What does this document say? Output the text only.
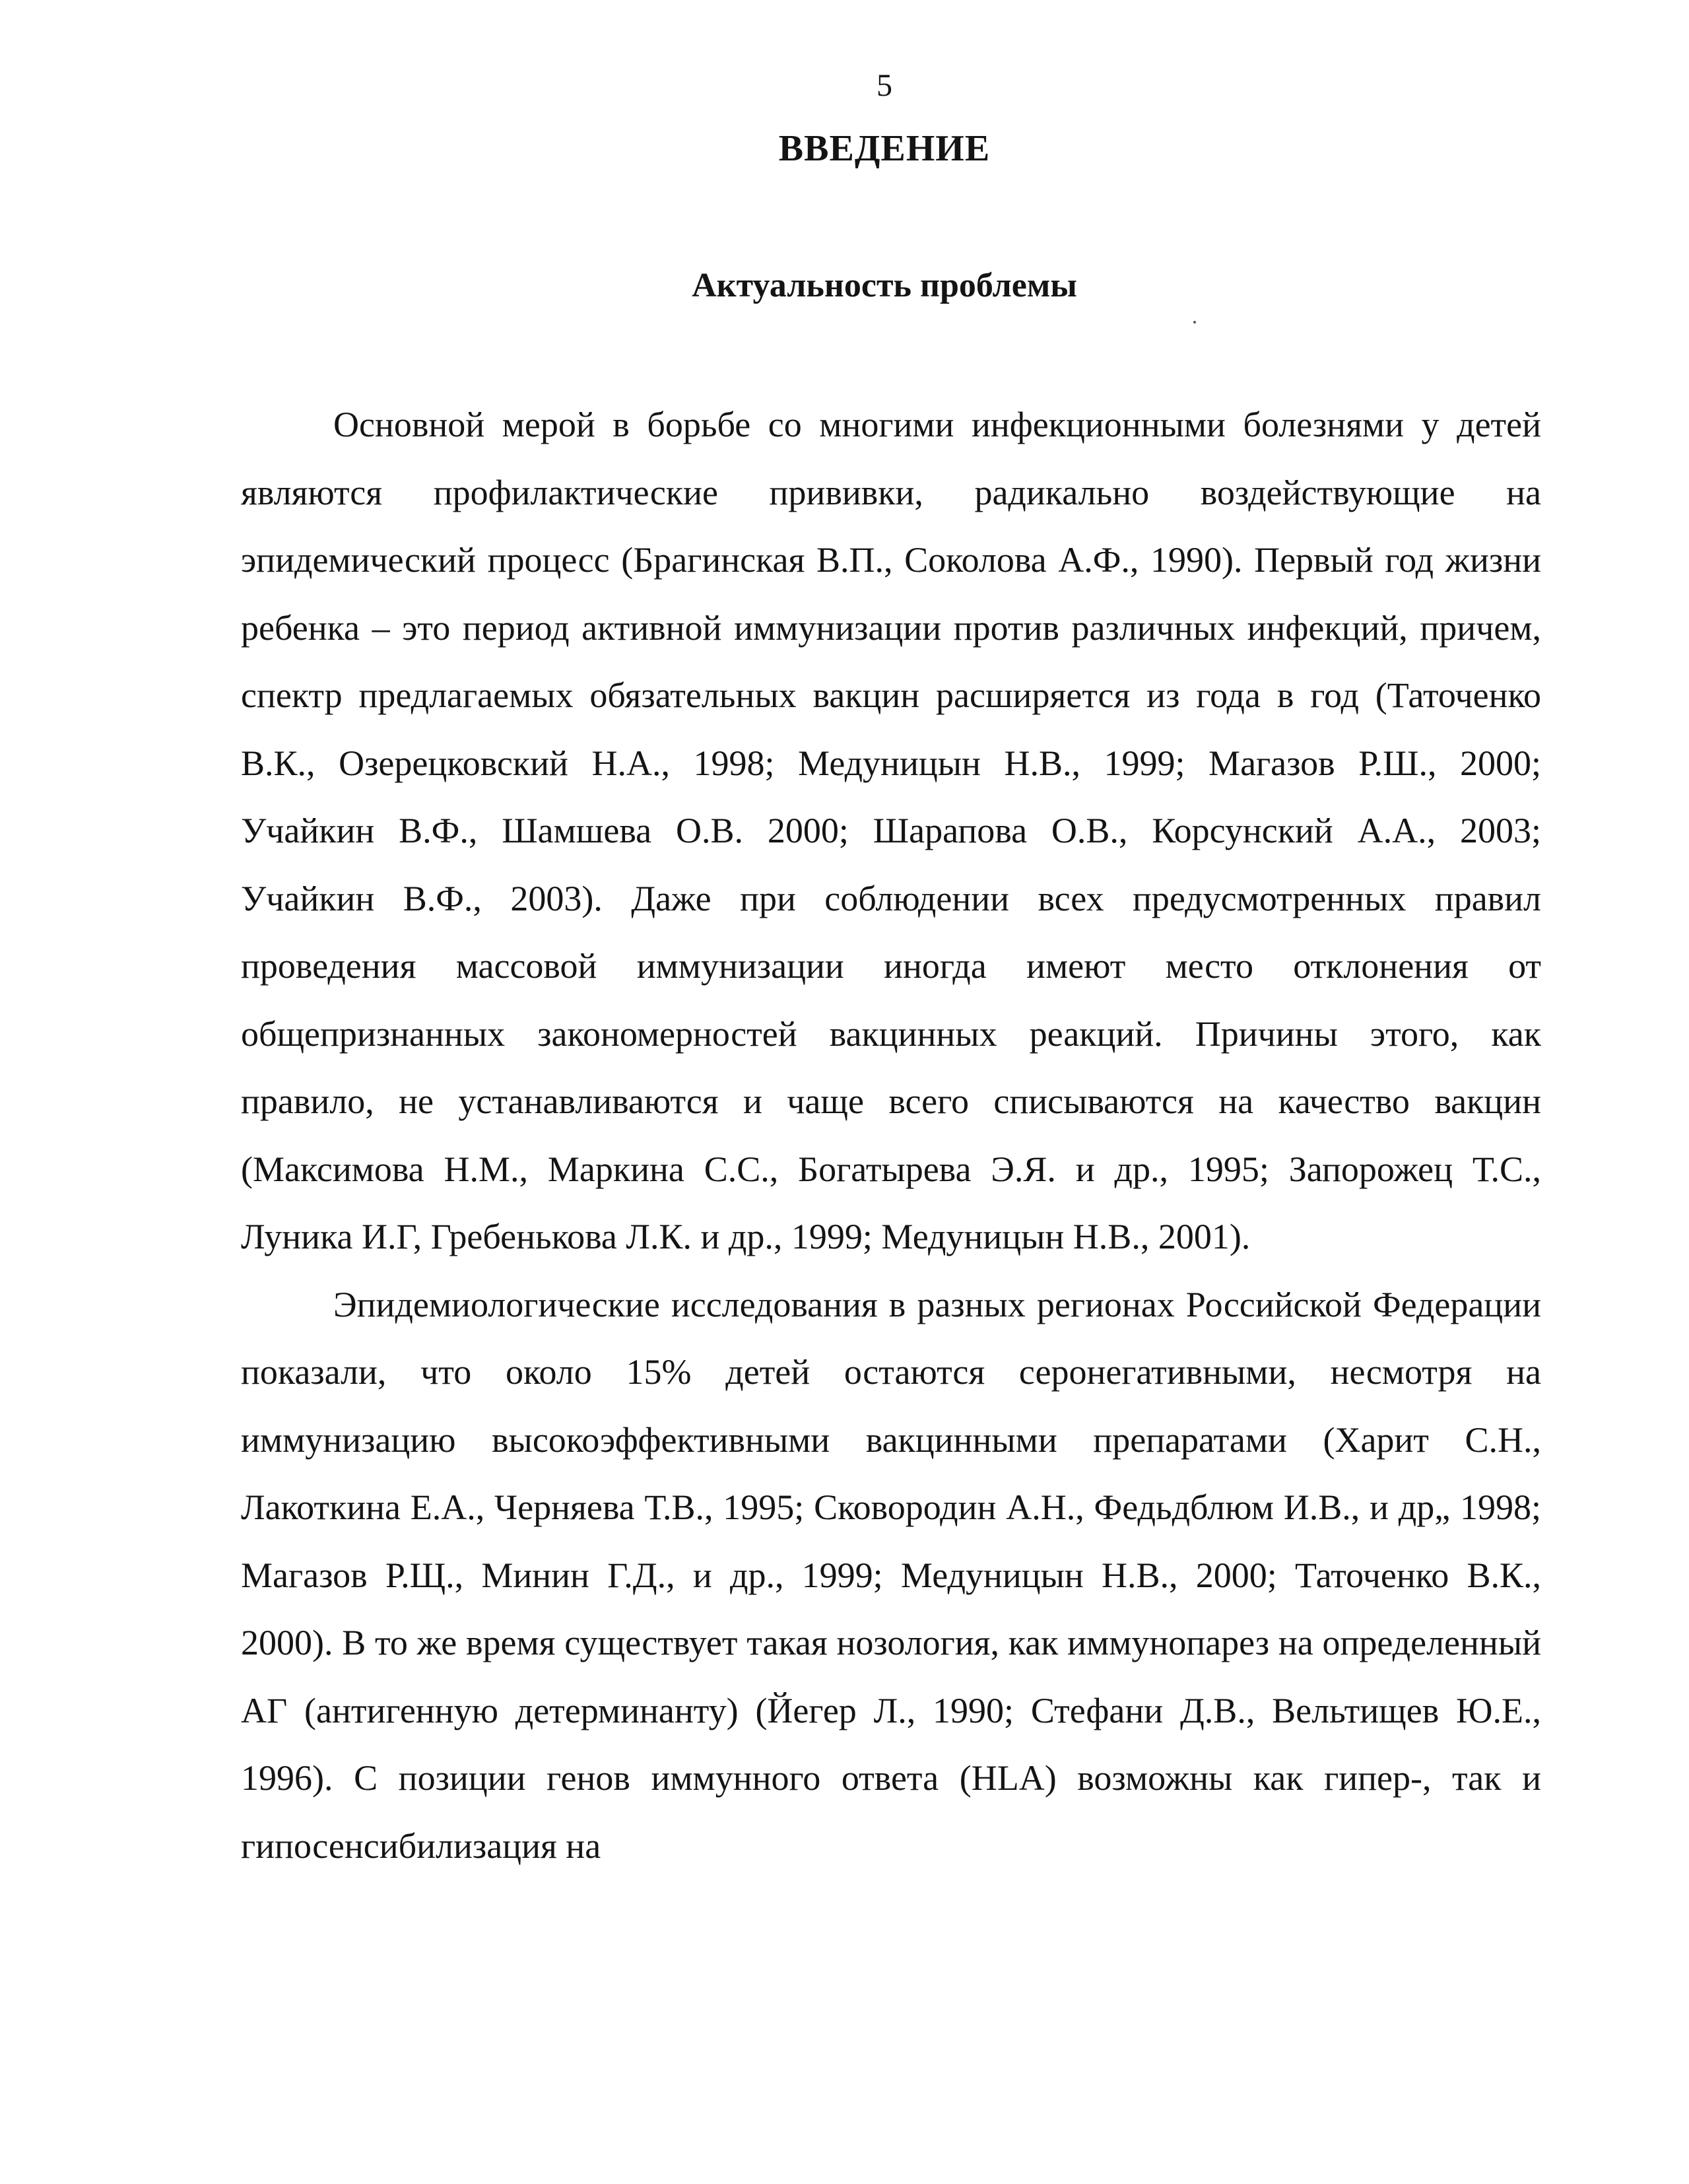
5
ВВЕДЕНИЕ
Актуальность проблемы

Основной мерой в борьбе со многими инфекционными болезнями у детей являются профилактические прививки, радикально воздействующие на эпидемический процесс (Брагинская В.П., Соколова А.Ф., 1990). Первый год жизни ребенка – это период активной иммунизации против различных инфекций, причем, спектр предлагаемых обязательных вакцин расширяется из года в год (Таточенко В.К., Озерецковский Н.А., 1998; Медуницын Н.В., 1999; Магазов Р.Ш., 2000; Учайкин В.Ф., Шамшева О.В. 2000; Шарапова О.В., Корсунский А.А., 2003; Учайкин В.Ф., 2003). Даже при соблюдении всех предусмотренных правил проведения массовой иммунизации иногда имеют место отклонения от общепризнанных закономерностей вакцинных реакций. Причины этого, как правило, не устанавливаются и чаще всего списываются на качество вакцин (Максимова Н.М., Маркина С.С., Богатырева Э.Я. и др., 1995; Запорожец Т.С., Луника И.Г, Гребенькова Л.К. и др., 1999; Медуницын Н.В., 2001).

Эпидемиологические исследования в разных регионах Российской Федерации показали, что около 15% детей остаются серонегативными, несмотря на иммунизацию высокоэффективными вакцинными препаратами (Харит С.Н., Лакоткина Е.А., Черняева Т.В., 1995; Сковородин А.Н., Федьдблюм И.В., и др„ 1998; Магазов Р.Щ., Минин Г.Д., и др., 1999; Медуницын Н.В., 2000; Таточенко В.К., 2000). В то же время существует такая нозология, как иммунопарез на определенный АГ (антигенную детерминанту) (Йегер Л., 1990; Стефани Д.В., Вельтищев Ю.Е., 1996). С позиции генов иммунного ответа (HLA) возможны как гипер-, так и гипосенсибилизация на
